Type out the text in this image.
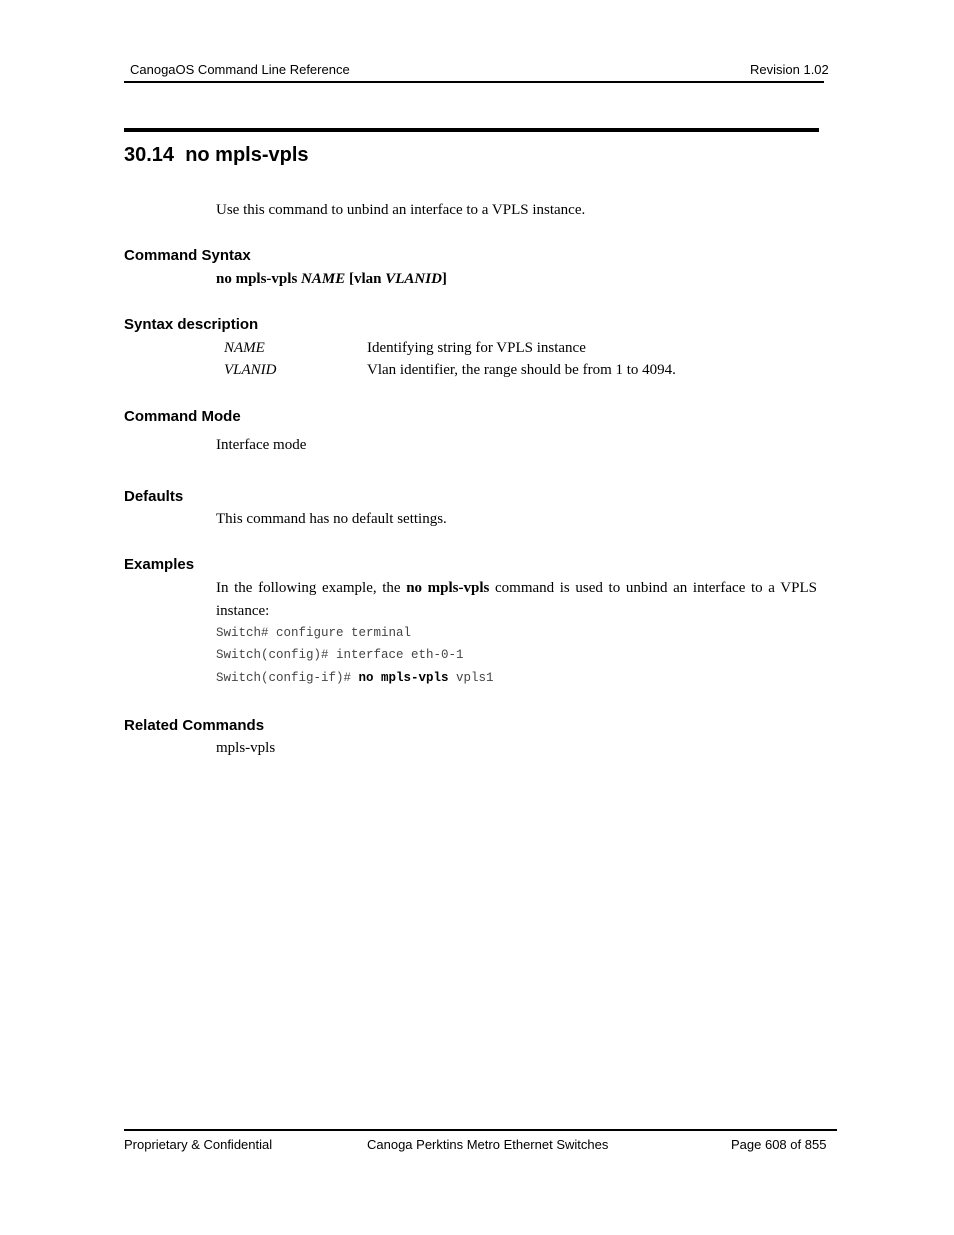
CanogaOS Command Line Reference	Revision 1.02
30.14 no mpls-vpls
Use this command to unbind an interface to a VPLS instance.
Command Syntax
no mpls-vpls NAME [vlan VLANID]
Syntax description
NAME	Identifying string for VPLS instance
VLANID	Vlan identifier, the range should be from 1 to 4094.
Command Mode
Interface mode
Defaults
This command has no default settings.
Examples
In the following example, the no mpls-vpls command is used to unbind an interface to a VPLS instance:
Switch# configure terminal
Switch(config)# interface eth-0-1
Switch(config-if)# no mpls-vpls vpls1
Related Commands
mpls-vpls
Proprietary & Confidential	Canoga Perktins Metro Ethernet Switches	Page 608 of 855
